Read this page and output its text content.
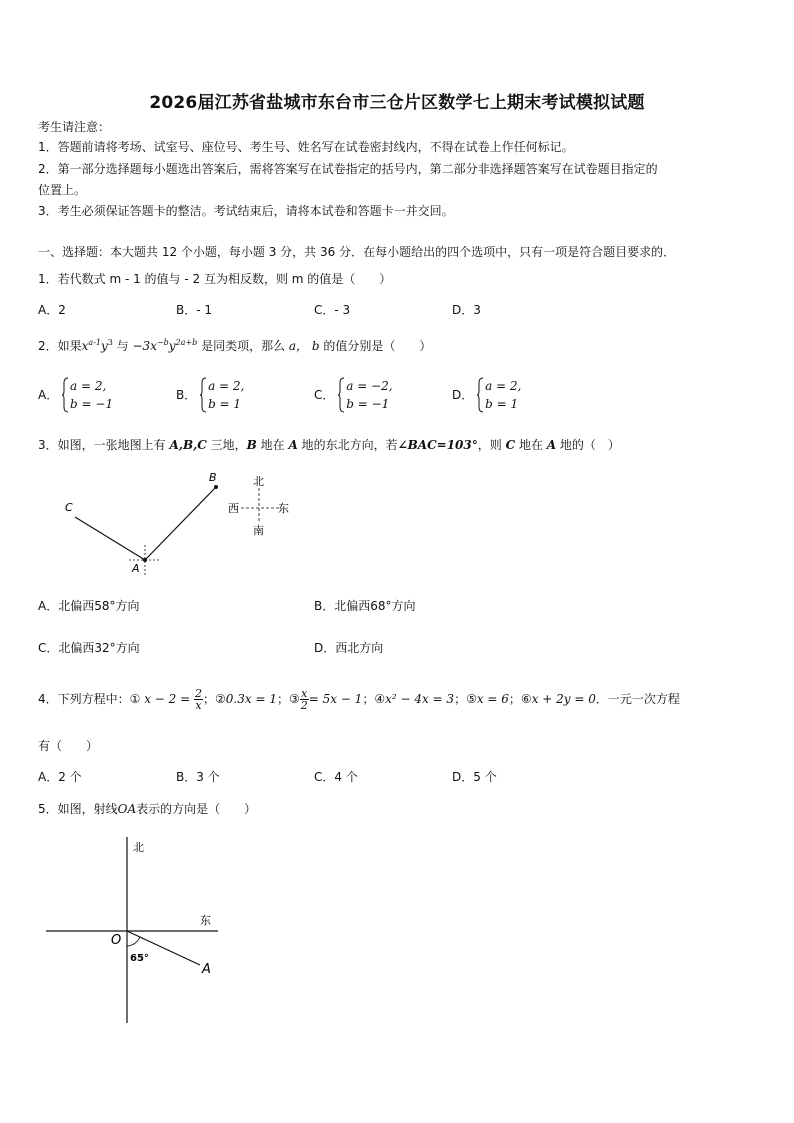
2026届江苏省盐城市东台市三仓片区数学七上期末考试模拟试题
考生请注意：
1．答题前请将考场、试室号、座位号、考生号、姓名写在试卷密封线内，不得在试卷上作任何标记。
2．第一部分选择题每小题选出答案后，需将答案写在试卷指定的括号内，第二部分非选择题答案写在试卷题目指定的
位置上。
3．考生必须保证答题卡的整洁。考试结束后，请将本试卷和答题卡一并交回。
一、选择题：本大题共 12 个小题，每小题 3 分，共 36 分．在每小题给出的四个选项中，只有一项是符合题目要求的．
1．若代数式 m - 1 的值与 - 2 互为相反数，则 m 的值是（　　）
A．2	B．- 1	C．- 3	D．3
2．如果$x^{a-1}y^3$ 与 $-3x^{-b}y^{2a+b}$ 是同类项，那么 a， b 的值分别是（　　）
A．
a = 2,
b = −1
B．
a = 2,
b = 1
C．
a = −2,
b = −1
D．
a = 2,
b = 1
3．如图，一张地图上有 A,B,C 三地，B 地在 A 地的东北方向，若∠BAC=103°，则 C 地在 A 地的（　）
C
B
A
北
南
西	东
A．北偏西58°方向	B．北偏西68°方向
C．北偏西32°方向	D．西北方向
4．下列方程中：① $x - 2 = \frac{2}{x}$ ；②0.3x = 1；③ $\frac{x}{2} = 5x - 1$；④x² − 4x = 3；⑤x = 6；⑥x + 2y = 0．一元一次方程
有（　　）
A．2 个	B．3 个	C．4 个	D．5 个
5．如图，射线OA表示的方向是（　　）
北
东
O
A
65°
